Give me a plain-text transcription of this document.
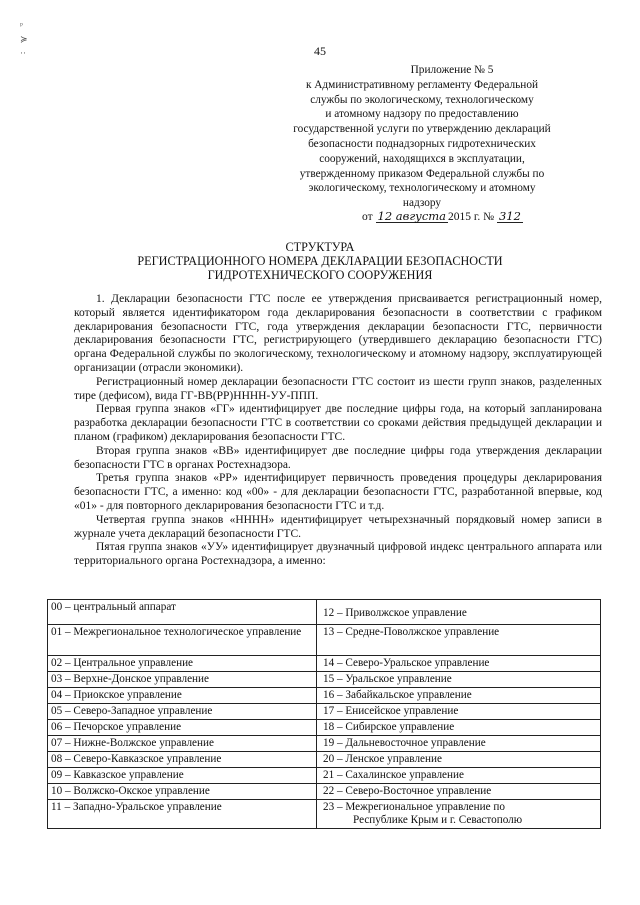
ᵖ
≽
··	45
Приложение № 5
к Административному регламенту Федеральной
службы по экологическому, технологическому
и атомному надзору по предоставлению
государственной услуги по утверждению деклараций
безопасности поднадзорных гидротехнических
сооружений, находящихся в эксплуатации,
утвержденному приказом Федеральной службы по
экологическому, технологическому и атомному
надзору
от 12 августа 2015 г. № 312
СТРУКТУРА
РЕГИСТРАЦИОННОГО НОМЕРА ДЕКЛАРАЦИИ БЕЗОПАСНОСТИ
ГИДРОТЕХНИЧЕСКОГО СООРУЖЕНИЯ

1. Декларации безопасности ГТС после ее утверждения присваивается регистрационный номер, который является идентификатором года декларирования безопасности в соответствии с графиком декларирования безопасности ГТС, года утверждения декларации безопасности ГТС, первичности декларирования безопасности ГТС, регистрирующего (утвердившего декларацию безопасности ГТС) органа Федеральной службы по экологическому, технологическому и атомному надзору, эксплуатирующей организации (отрасли экономики).

Регистрационный номер декларации безопасности ГТС состоит из шести групп знаков, разделенных тире (дефисом), вида ГГ-ВВ(РР)НННН-УУ-ППП.

Первая группа знаков «ГГ» идентифицирует две последние цифры года, на который запланирована разработка декларации безопасности ГТС в соответствии со сроками действия предыдущей декларации и планом (графиком) декларирования безопасности ГТС.

Вторая группа знаков «ВВ» идентифицирует две последние цифры года утверждения декларации безопасности ГТС в органах Ростехнадзора.

Третья группа знаков «РР» идентифицирует первичность проведения процедуры декларирования безопасности ГТС, а именно: код «00» - для декларации безопасности ГТС, разработанной впервые, код «01» - для повторного декларирования безопасности ГТС и т.д.

Четвертая группа знаков «НННН» идентифицирует четырехзначный порядковый номер записи в журнале учета деклараций безопасности ГТС.

Пятая группа знаков «УУ» идентифицирует двузначный цифровой индекс центрального аппарата или территориального органа Ростехнадзора, а именно:

00 – центральный аппарат	12 – Приволжское управление
01 – Межрегиональное технологическое управление	13 – Средне-Поволжское управление
02 – Центральное управление	14 – Северо-Уральское управление
03 – Верхне-Донское управление	15 – Уральское управление
04 – Приокское управление	16 – Забайкальское управление
05 – Северо-Западное управление	17 – Енисейское управление
06 – Печорское управление	18 – Сибирское управление
07 – Нижне-Волжское управление	19 – Дальневосточное управление
08 – Северо-Кавказское управление	20 – Ленское управление
09 – Кавказское управление	21 – Сахалинское управление
10 – Волжско-Окское управление	22 – Северо-Восточное управление
11 – Западно-Уральское управление	23 – Межрегиональное управление по
Республике Крым и г. Севастополю
